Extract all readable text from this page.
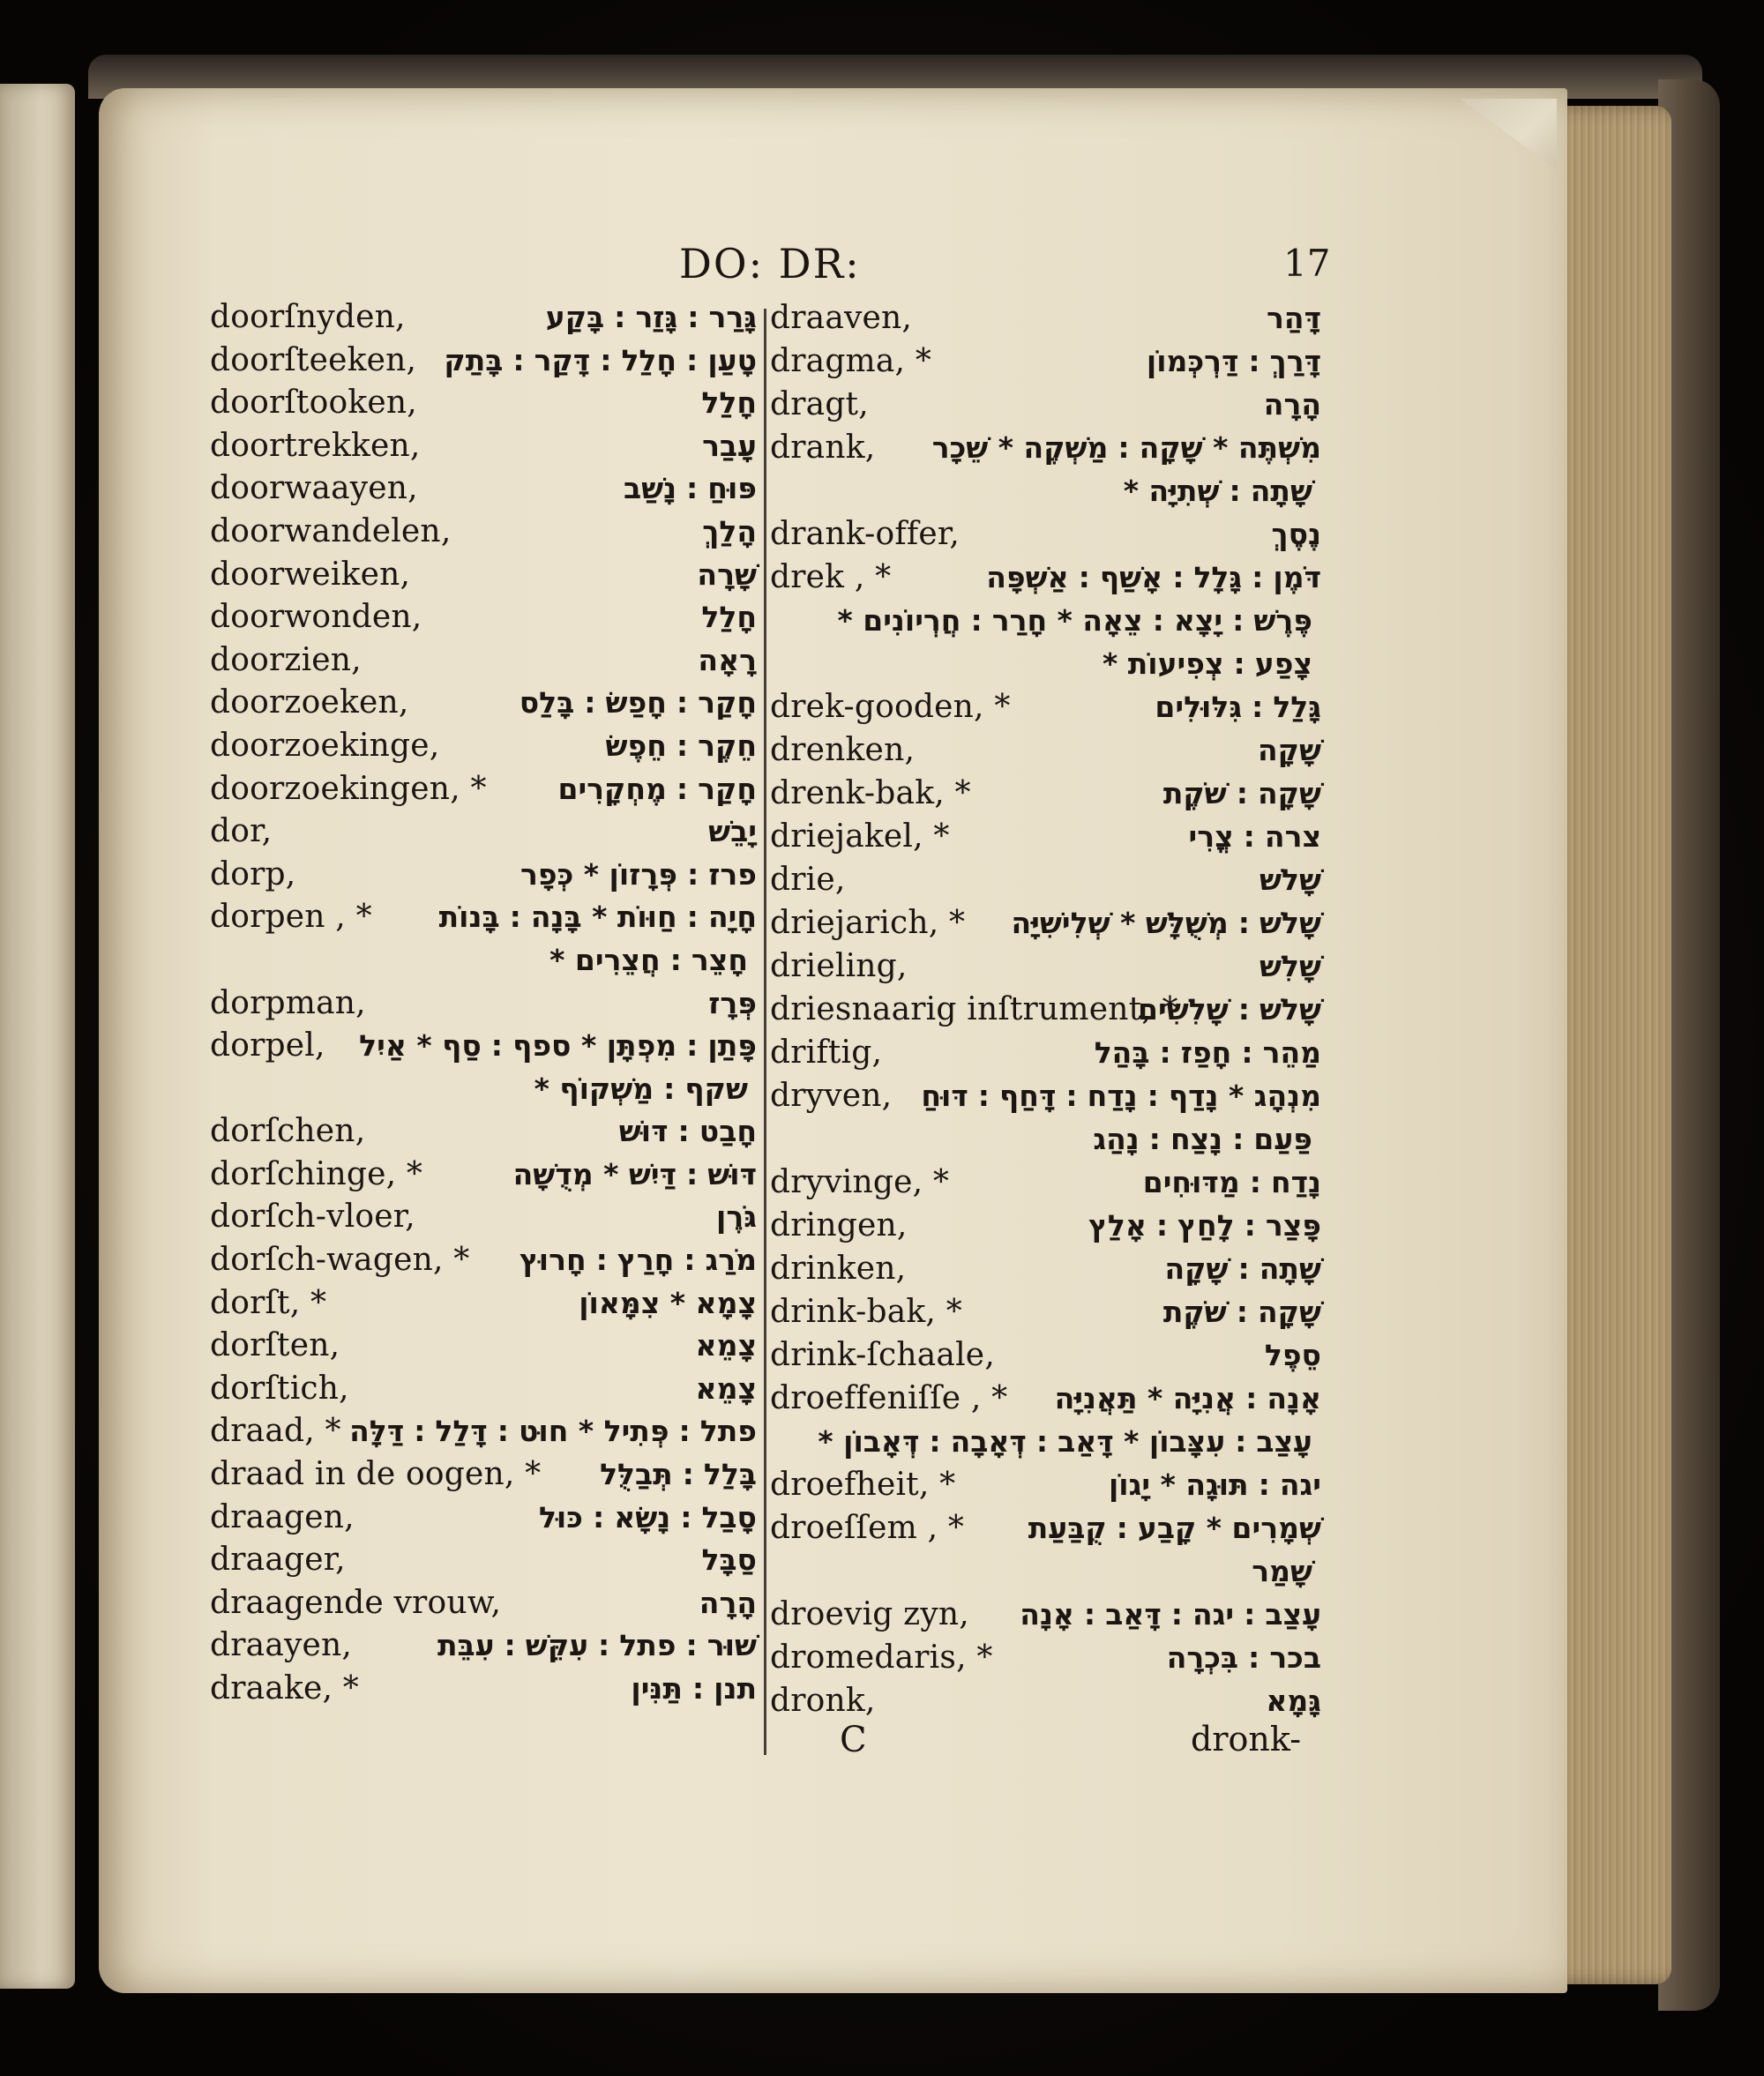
DO: DR:	17
doorſnyden,	גָּרַר ׃ גָּזַר ׃ בָּקַע
doorſteeken, טָעַן ׃ חָלַל ׃ דָּקַר ׃ בָּתַק
doorſtooken,	חָלַל
doortrekken,	עָבַר
doorwaayen,	פּוּחַ ׃ נָשַׁב
doorwandelen,	הָלַךְ
doorweiken,	שָׁרָה
doorwonden,	חָלַל
doorzien,	רָאָה
doorzoeken,	חָקַר ׃ חָפַשׂ ׃ בָּלַס
doorzoekinge,	חֵקֶר ׃ חֵפֶשׂ
doorzoekingen, * חָקַר ׃ מֶחְקָרִים
dor,	יָבֵשׁ
dorp,	פרז ׃ פְּרָזוֹן * כְּפָר
dorpen , * חָיָה ׃ חַוּוֹת * בָּנָה ׃ בָּנוֹת
חָצֵר ׃ חֲצֵרִים *
dorpman,	פְּרָז
dorpel, פָּתַן ׃ מִפְתָּן * ספף ׃ סַף * אַיִל
שקף ׃ מַשְׁקוֹף *
dorſchen,	חָבַט ׃ דּוּשׁ
dorſchinge, *	דּוּשׁ ׃ דַּיִשׁ * מְדֻשָׁה
dorſch-vloer,	גֹּרֶן
dorſch-wagen, * מֹרַג ׃ חָרַץ ׃ חָרוּץ
dorſt, *	צָמָא * צִמָּאוֹן
dorſten,	צָמֵא
dorſtich,	צָמֵא
draad, * פתל ׃ פְּתִיל * חוּט ׃ דָּלַל ׃ דַּלָּה
draad in de oogen, * בָּלַל ׃ תְּבַלֻּל
draagen,	סָבַל ׃ נָשָׂא ׃ כּוּל
draager,	סַבָּל
draagende vrouw,	הָרָה
draayen,	שׁוּר ׃ פתל ׃ עִקֵּשׁ ׃ עִבֵּת
draake, *	תנן ׃ תַּנִּין
draaven,	דָּהַר
dragma, *	דָּרַךְ ׃ דַּרְכְּמוֹן
dragt,	הָרָה
drank, מִשְׁתֶּה * שָׁקָה ׃ מַשְׁקֶה * שֵׁכָר
שָׁתָה ׃ שְׁתִיָּה *
drank-offer,	נֶסֶךְ
drek , *	דֹּמֶן ׃ גָּלָל ׃ אָשַׁף ׃ אַשְׁפָּה
פֶּרֶשׁ ׃ יָצָא ׃ צֵאָה * חָרַר ׃ חֲרְיוֹנִים *
צָפַע ׃ צְפִיעוֹת *
drek-gooden, *	גָּלַל ׃ גִּלּוּלִים
drenken,	שָׁקָה
drenk-bak, *	שָׁקָה ׃ שֹׁקֶת
driejakel, *	צרה ׃ צֳרִי
drie,	שָׁלֹשׁ
driejarich, * שָׁלֹשׁ ׃ מְשֻׁלָּשׁ * שְׁלִישִׁיָּה
drieling,	שָׁלִשׁ
driesnaarig inſtrument, *
שָׁלֹשׁ ׃ שָׁלִשִׁים
driftig,	מַהֵר ׃ חָפַז ׃ בָּהַל
dryven, מִנְהָג * נָדַף ׃ נָדַח ׃ דָּחַף ׃ דּוּחַ
פַּעַם ׃ נָצַח ׃ נָהַג
dryvinge, *	נָדַח ׃ מַדּוּחִים
dringen,	פָּצַר ׃ לָחַץ ׃ אָלַץ
drinken,	שָׁתָה ׃ שָׁקָה
drink-bak, *	שָׁקָה ׃ שֹׁקֶת
drink-ſchaale,	סֵפֶל
droeffeniſſe , * אָנָה ׃ אֲנִיָּה * תַּאֲנִיָּה
עָצַב ׃ עִצָּבוֹן * דָּאַב ׃ דְּאָבָה ׃ דְּאָבוֹן *
droefheit, *	יגה ׃ תּוּגָה * יָגוֹן
droeſſem , * שְׁמָרִים * קָבַע ׃ קֻבַּעַת
שָׁמַר
droevig zyn, עָצַב ׃ יגה ׃ דָּאַב ׃ אָנָה
dromedaris, *	בכר ׃ בִּכְרָה
dronk,	גָּמָא
C	dronk-
